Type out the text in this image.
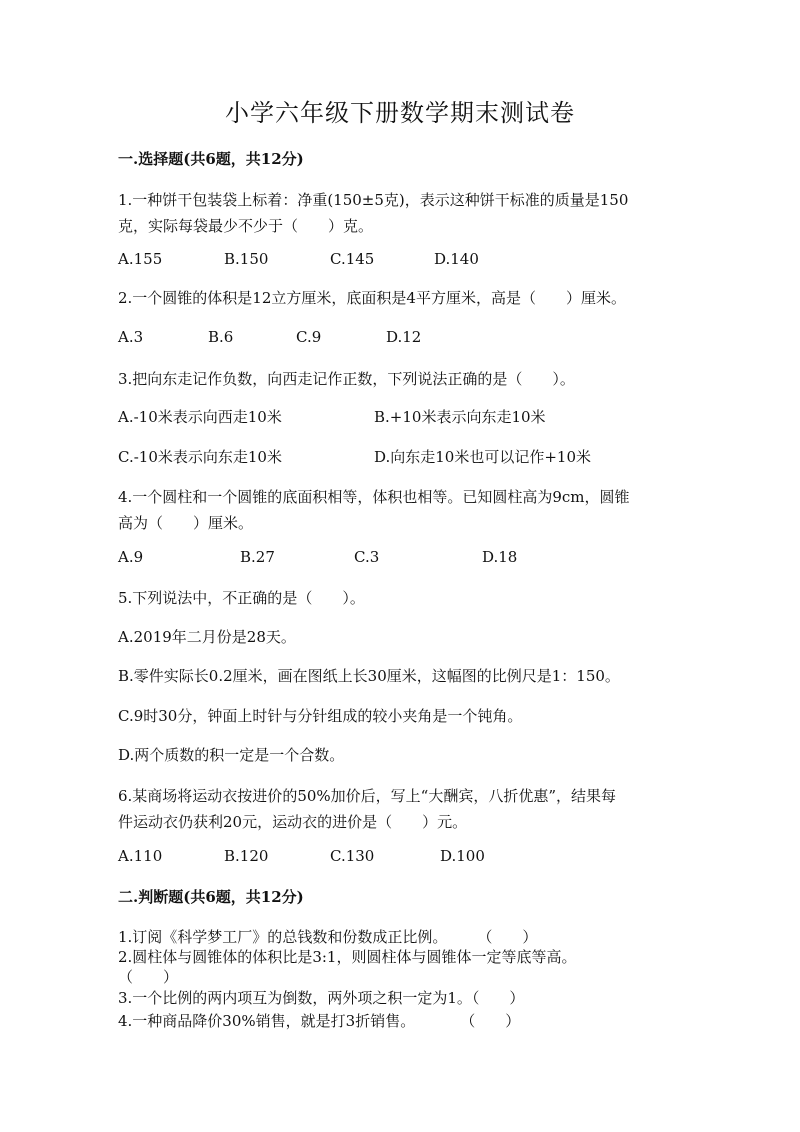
小学六年级下册数学期末测试卷
一.选择题(共6题，共12分)
1.一种饼干包装袋上标着：净重(150±5克)，表示这种饼干标准的质量是150
克，实际每袋最少不少于（　　）克。
A.155	B.150	C.145	D.140
2.一个圆锥的体积是12立方厘米，底面积是4平方厘米，高是（　　）厘米。
A.3	B.6	C.9	D.12
3.把向东走记作负数，向西走记作正数，下列说法正确的是（　　）。
A.-10米表示向西走10米	B.+10米表示向东走10米
C.-10米表示向东走10米	D.向东走10米也可以记作+10米
4.一个圆柱和一个圆锥的底面积相等，体积也相等。已知圆柱高为9cm，圆锥
高为（　　）厘米。
A.9	B.27	C.3	D.18
5.下列说法中，不正确的是（　　）。
A.2019年二月份是28天。
B.零件实际长0.2厘米，画在图纸上长30厘米，这幅图的比例尺是1：150。
C.9时30分，钟面上时针与分针组成的较小夹角是一个钝角。
D.两个质数的积一定是一个合数。
6.某商场将运动衣按进价的50%加价后，写上“大酬宾，八折优惠”，结果每
件运动衣仍获利20元，运动衣的进价是（　　）元。
A.110	B.120	C.130	D.100
二.判断题(共6题，共12分)
1.订阅《科学梦工厂》的总钱数和份数成正比例。　　　（　　）
2.圆柱体与圆锥体的体积比是3:1，则圆柱体与圆锥体一定等底等高。
（　　）
3.一个比例的两内项互为倒数，两外项之积一定为1。（　　）
4.一种商品降价30%销售，就是打3折销售。　　　　（　　）
